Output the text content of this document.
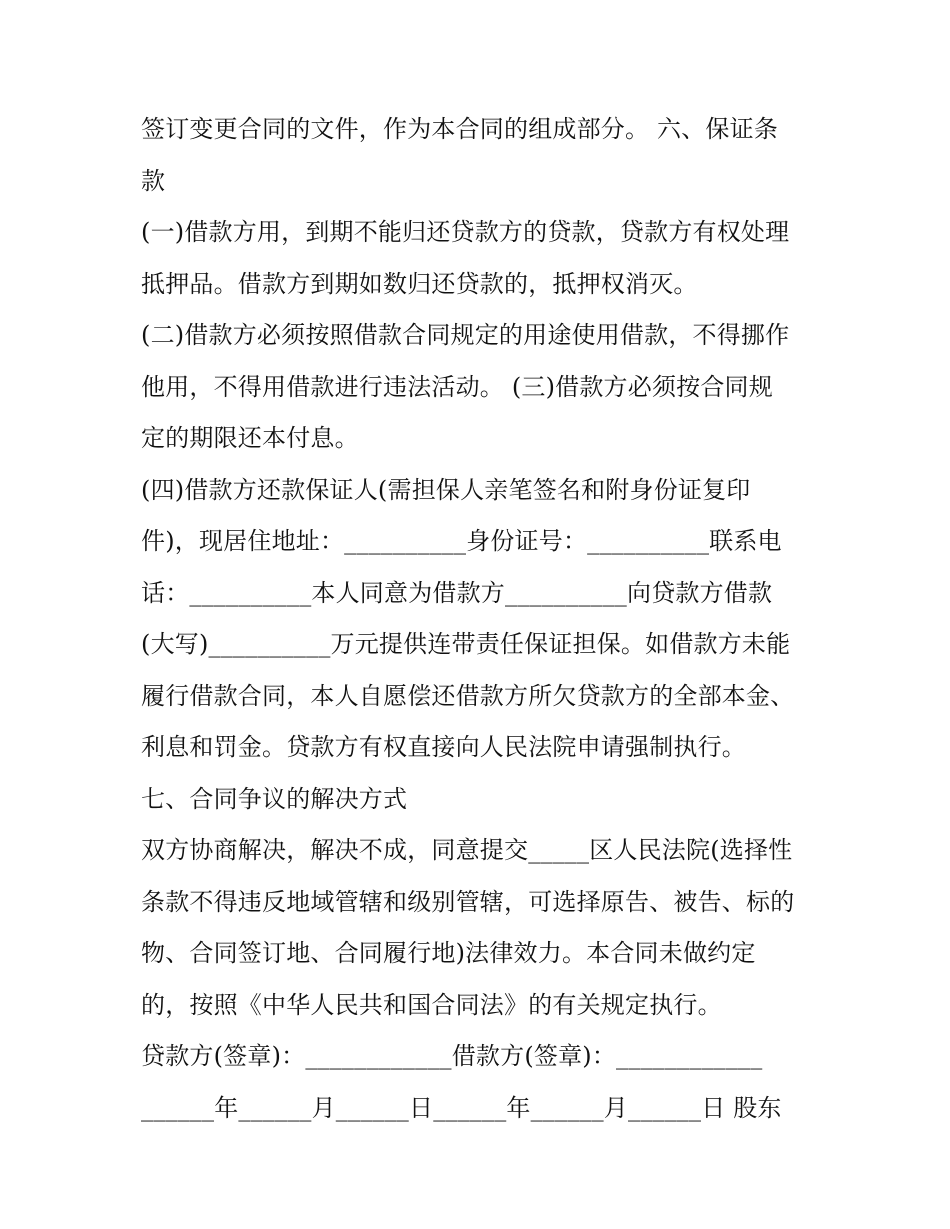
签订变更合同的文件，作为本合同的组成部分。 六、保证条
款
(一)借款方用，到期不能归还贷款方的贷款，贷款方有权处理
抵押品。借款方到期如数归还贷款的，抵押权消灭。
(二)借款方必须按照借款合同规定的用途使用借款，不得挪作
他用，不得用借款进行违法活动。 (三)借款方必须按合同规
定的期限还本付息。
(四)借款方还款保证人(需担保人亲笔签名和附身份证复印
件)，现居住地址：__________身份证号：__________联系电
话：__________本人同意为借款方__________向贷款方借款
(大写)__________万元提供连带责任保证担保。如借款方未能
履行借款合同，本人自愿偿还借款方所欠贷款方的全部本金、
利息和罚金。贷款方有权直接向人民法院申请强制执行。
七、合同争议的解决方式
双方协商解决，解决不成，同意提交_____区人民法院(选择性
条款不得违反地域管辖和级别管辖，可选择原告、被告、标的
物、合同签订地、合同履行地)法律效力。本合同未做约定
的，按照《中华人民共和国合同法》的有关规定执行。
贷款方(签章)：____________借款方(签章)：____________
______年______月______日______年______月______日 股东
